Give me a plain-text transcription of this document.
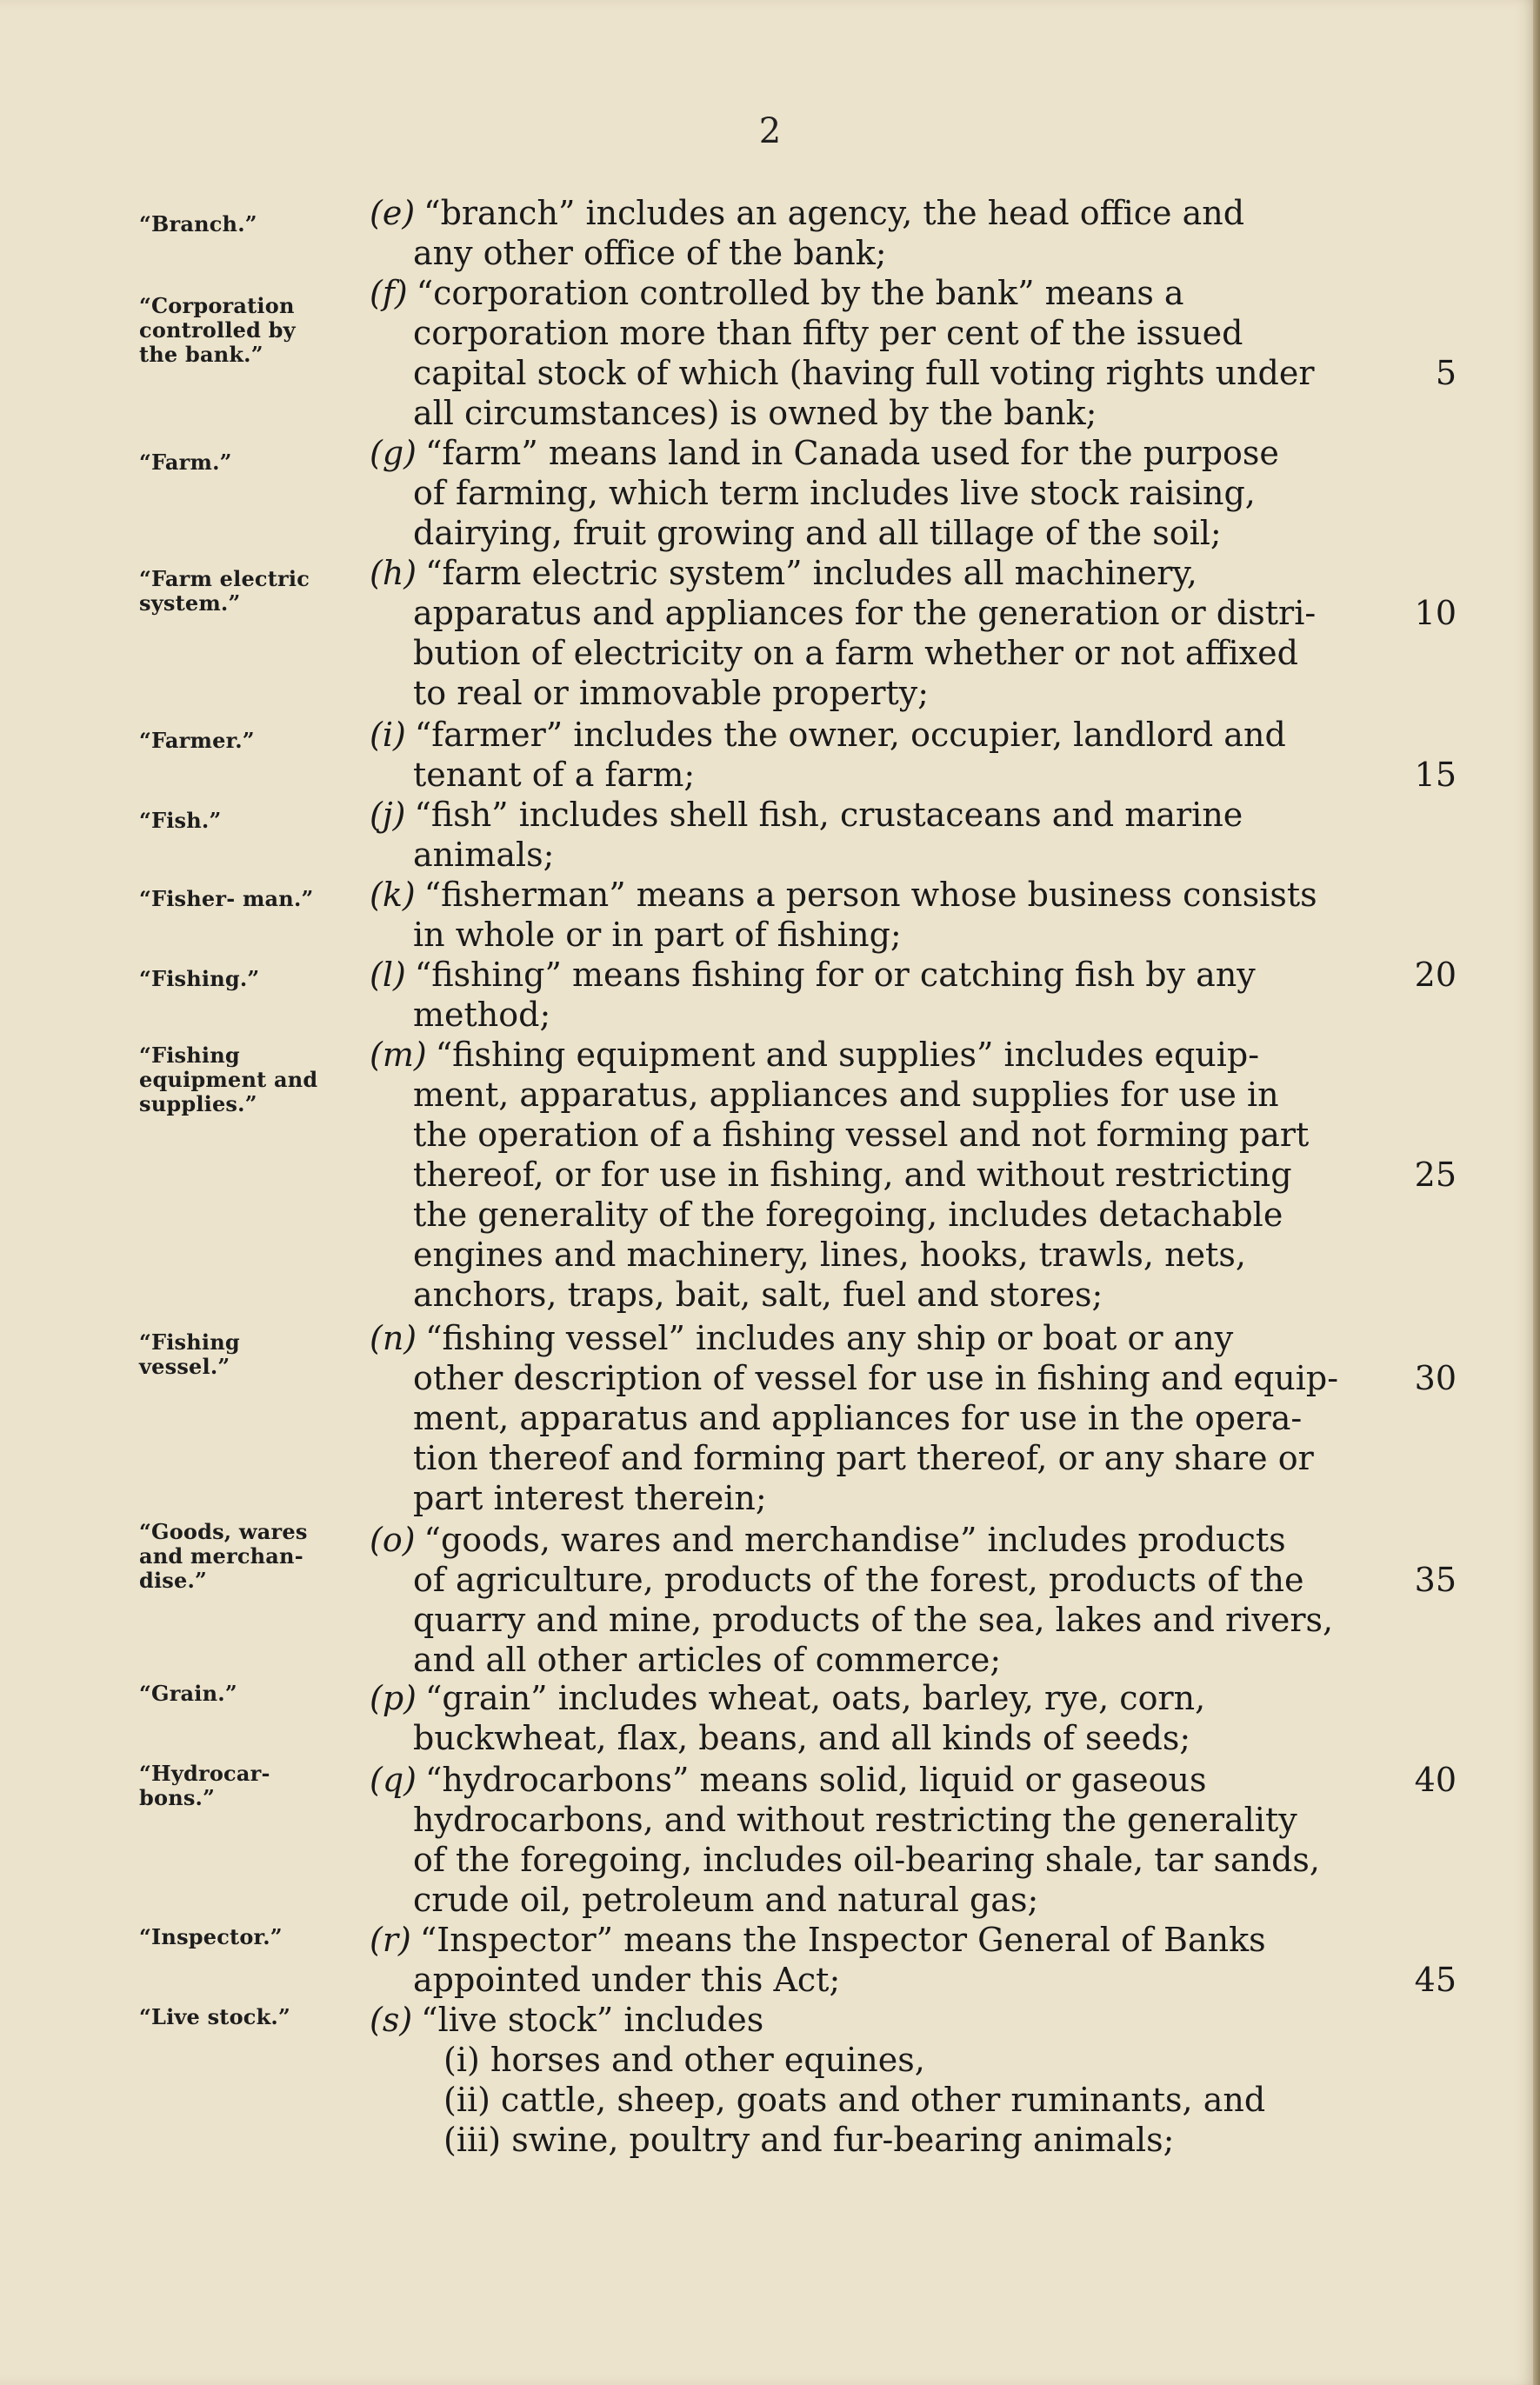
2
“Branch.”	(e) “branch” includes an agency, the head office and
any other office of the bank;
“Corporation controlled by the bank.”
(f) “corporation controlled by the bank” means a
corporation more than fifty per cent of the issued
capital stock of which (having full voting rights under
all circumstances) is owned by the bank;
“Farm.”	(g) “farm” means land in Canada used for the purpose
of farming, which term includes live stock raising,
dairying, fruit growing and all tillage of the soil;
“Farm electric system.”
(h) “farm electric system” includes all machinery,
apparatus and appliances for the generation or distri-
bution of electricity on a farm whether or not affixed
to real or immovable property;
“Farmer.”	(i) “farmer” includes the owner, occupier, landlord and
tenant of a farm;
“Fish.”	(j) “fish” includes shell fish, crustaceans and marine
animals;
“Fisher- man.” (k) “fisherman” means a person whose business consists
in whole or in part of fishing;
“Fishing.”	(l) “fishing” means fishing for or catching fish by any
method;
“Fishing equipment and supplies.”
(m) “fishing equipment and supplies” includes equip-
ment, apparatus, appliances and supplies for use in
the operation of a fishing vessel and not forming part
thereof, or for use in fishing, and without restricting
the generality of the foregoing, includes detachable
engines and machinery, lines, hooks, trawls, nets,
anchors, traps, bait, salt, fuel and stores;
“Fishing vessel.”
(n) “fishing vessel” includes any ship or boat or any
other description of vessel for use in fishing and equip-
ment, apparatus and appliances for use in the opera-
tion thereof and forming part thereof, or any share or
part interest therein;
“Goods, wares and merchan- dise.”
(o) “goods, wares and merchandise” includes products
of agriculture, products of the forest, products of the
quarry and mine, products of the sea, lakes and rivers,
and all other articles of commerce;
“Grain.”	(p) “grain” includes wheat, oats, barley, rye, corn,
buckwheat, flax, beans, and all kinds of seeds;
“Hydrocar- bons.”	(q) “hydrocarbons” means solid, liquid or gaseous
hydrocarbons, and without restricting the generality
of the foregoing, includes oil-bearing shale, tar sands,
crude oil, petroleum and natural gas;
“Inspector.”	(r) “Inspector” means the Inspector General of Banks
appointed under this Act;
“Live stock.”	(s) “live stock” includes
(i) horses and other equines,
(ii) cattle, sheep, goats and other ruminants, and
(iii) swine, poultry and fur-bearing animals;
5
10
15
20
25
30
35
40
45
